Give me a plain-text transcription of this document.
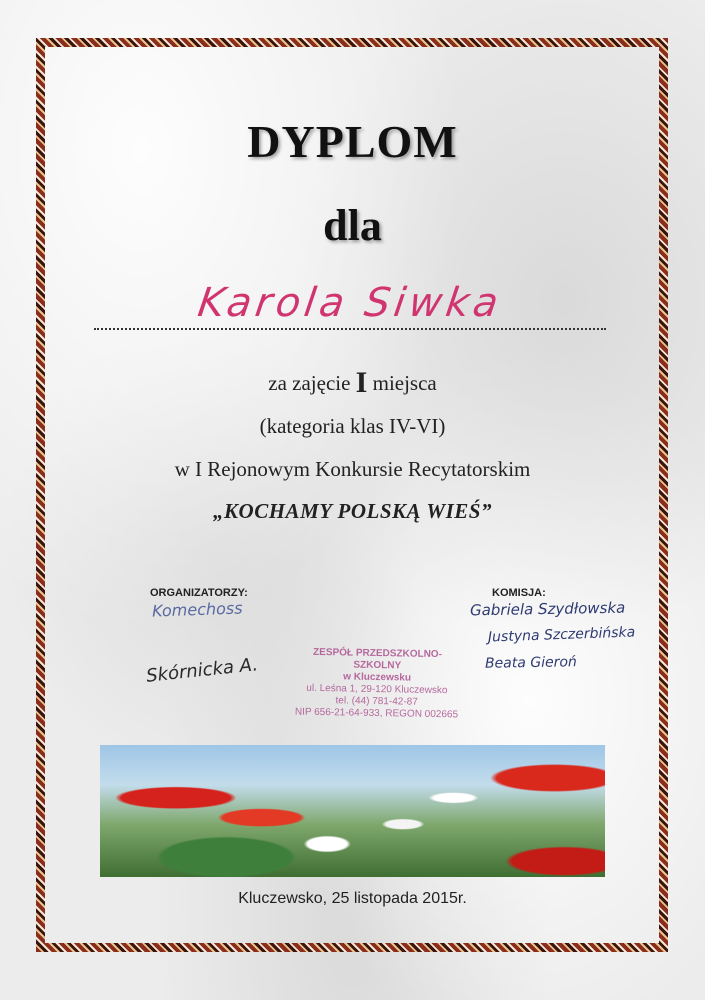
DYPLOM
dla
Karola Siwka
za zajęcie I miejsca
(kategoria klas IV-VI)
w I Rejonowym Konkursie Recytatorskim
„KOCHAMY POLSKĄ WIEŚ”
ORGANIZATORZY:	KOMISJA:
Komechoss
Skórnicka A.
Gabriela Szydłowska
Justyna Szczerbińska
Beata Gieroń
ZESPÓŁ PRZEDSZKOLNO-SZKOLNY
w Kluczewsku
ul. Leśna 1, 29-120 Kluczewsko
tel. (44) 781-42-87
NIP 656-21-64-933, REGON 002665
Kluczewsko, 25 listopada 2015r.
